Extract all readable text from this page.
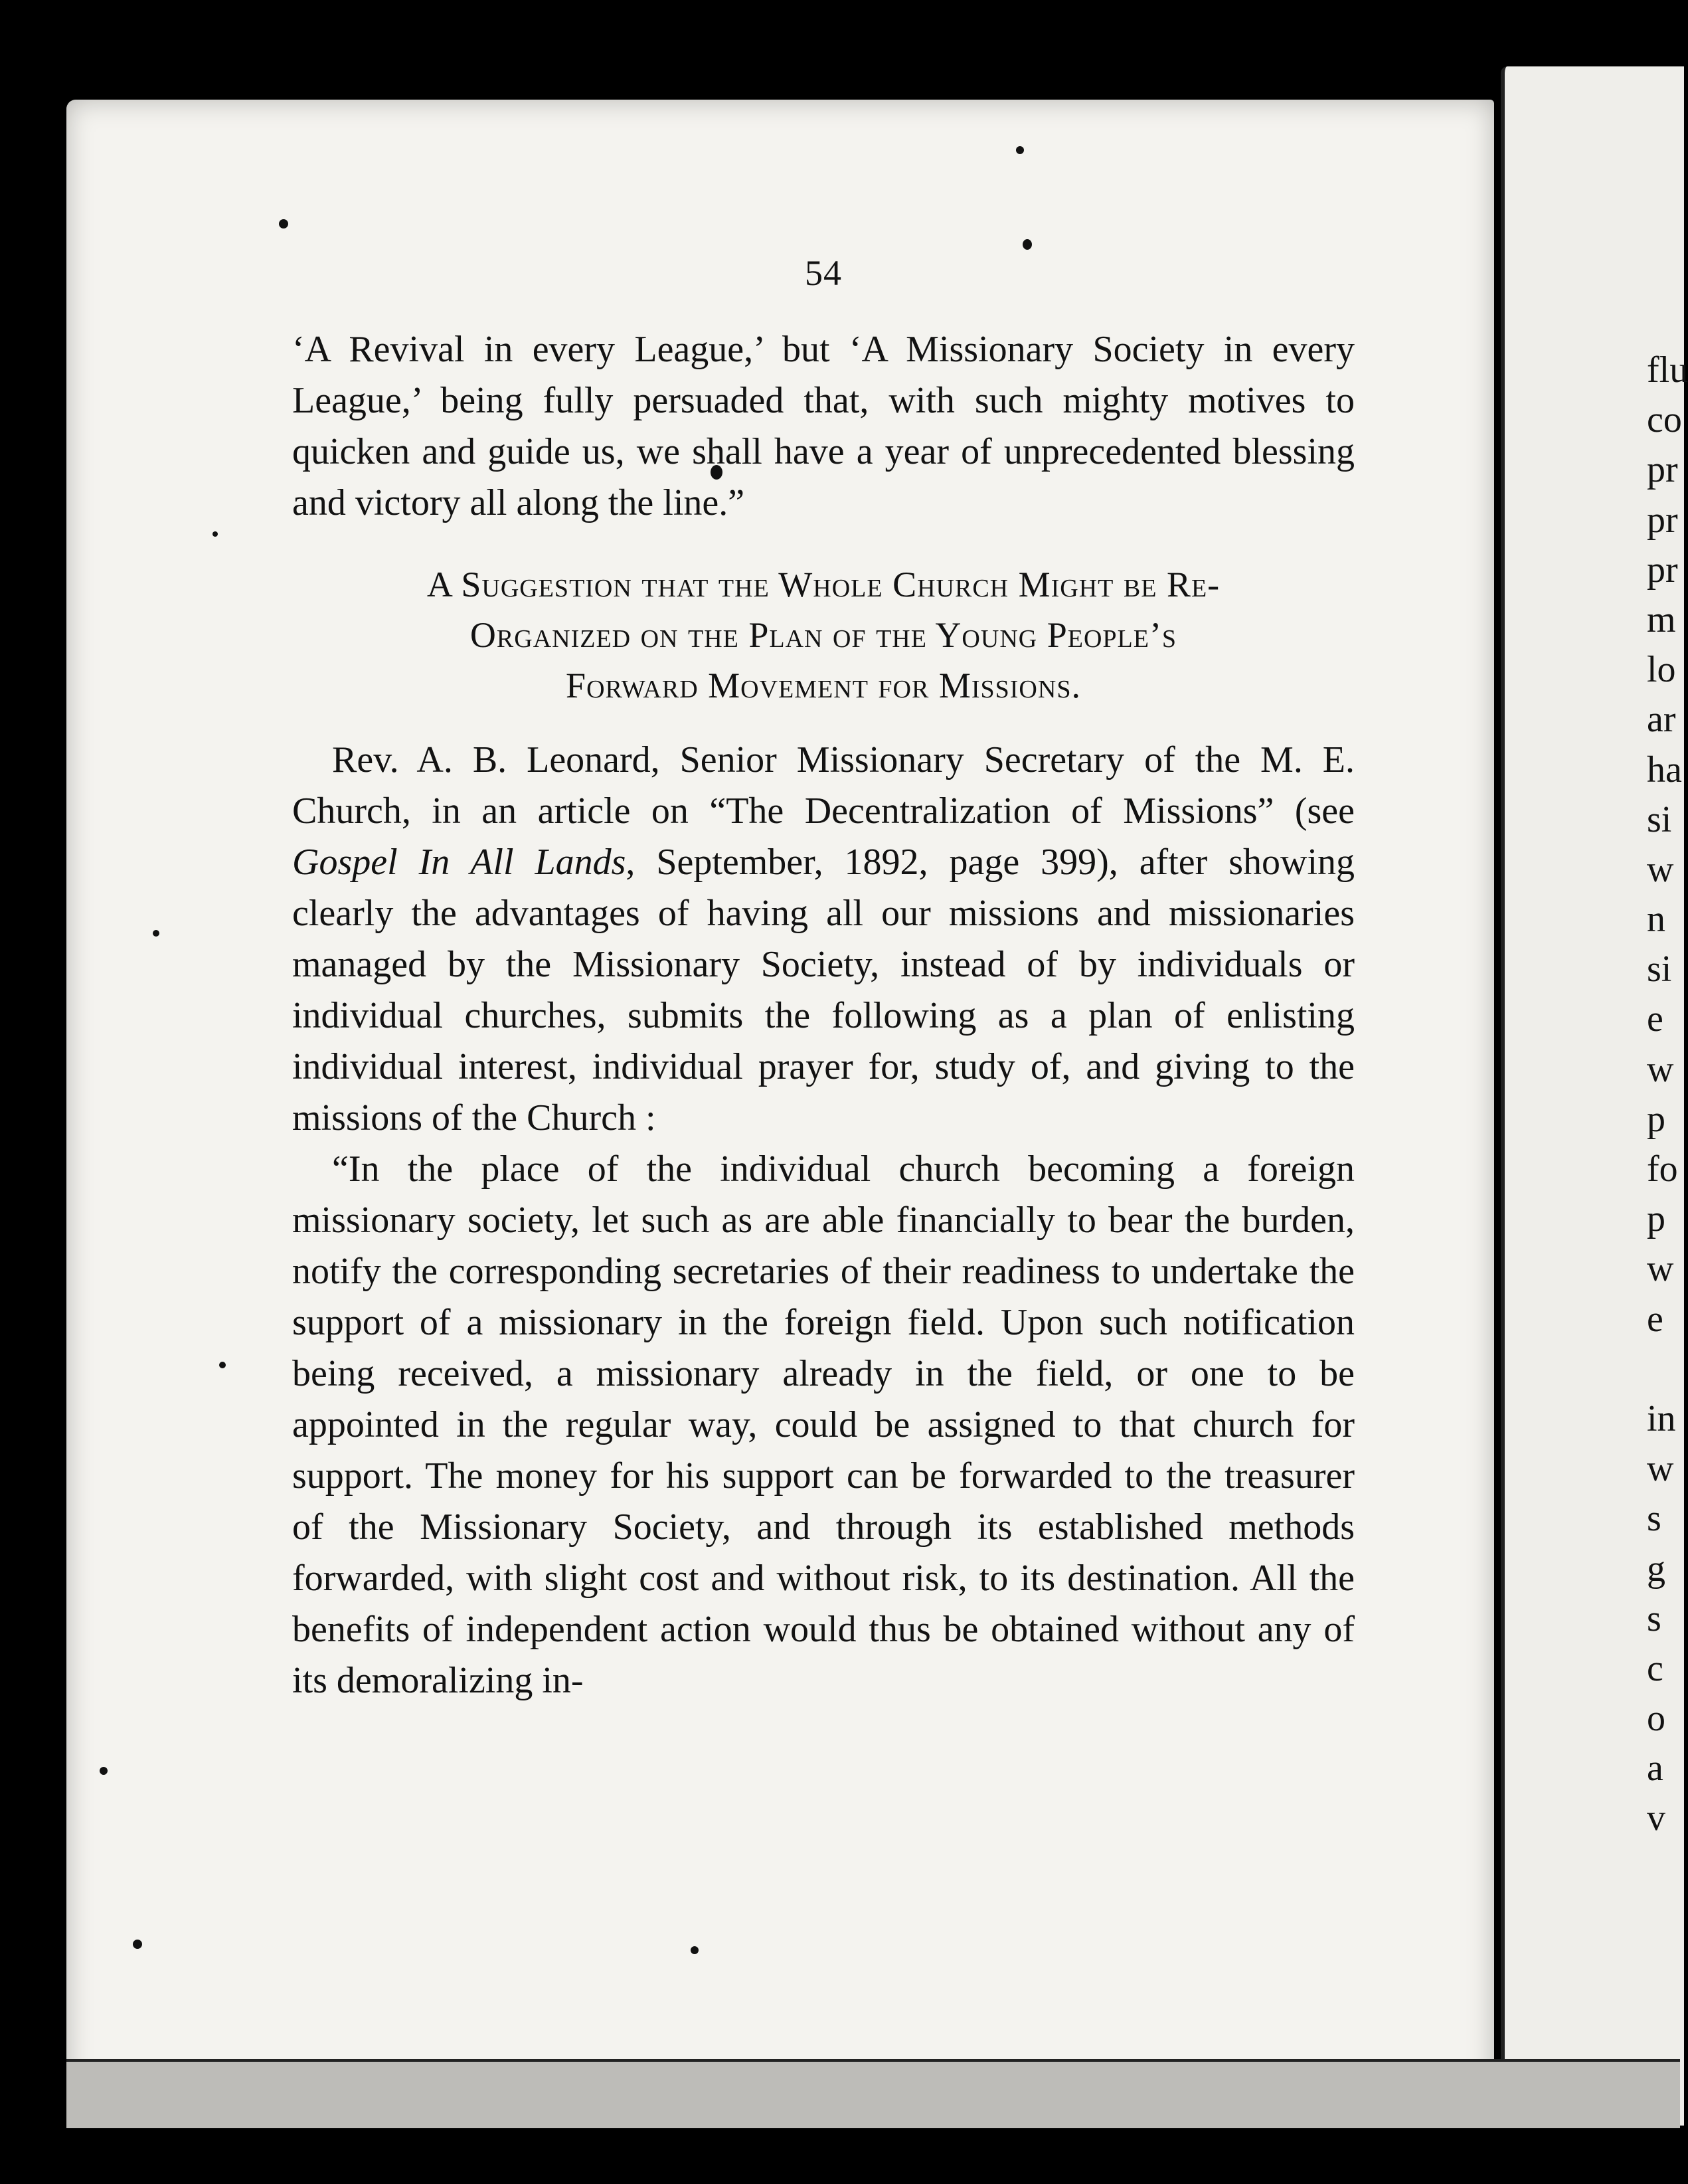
54

‘A Revival in every League,’ but ‘A Missionary Society in every League,’ being fully persuaded that, with such mighty motives to quicken and guide us, we shall have a year of unprecedented blessing and victory all along the line.”

A Suggestion that the Whole Church Might be Re-
Organized on the Plan of the Young People’s
Forward Movement for Missions.

Rev. A. B. Leonard, Senior Missionary Secretary of the M. E. Church, in an article on “The Decentralization of Missions” (see Gospel In All Lands, September, 1892, page 399), after showing clearly the advantages of having all our missions and missionaries managed by the Missionary Society, instead of by individuals or individual churches, submits the following as a plan of enlisting individual interest, individual prayer for, study of, and giving to the missions of the Church :

“In the place of the individual church becoming a foreign missionary society, let such as are able financially to bear the burden, notify the corresponding secretaries of their readiness to undertake the support of a missionary in the foreign field. Upon such notification being received, a missionary already in the field, or one to be appointed in the regular way, could be assigned to that church for support. The money for his support can be forwarded to the treasurer of the Missionary Society, and through its established methods forwarded, with slight cost and without risk, to its destination. All the benefits of independent action would thus be obtained without any of its demoralizing in-

flu
co
pr
pr
pr
m
lo
ar
ha
si
w
n
si
e
w
p
fo
p
w
e
in
w
s
g
s
c
o
a
v
